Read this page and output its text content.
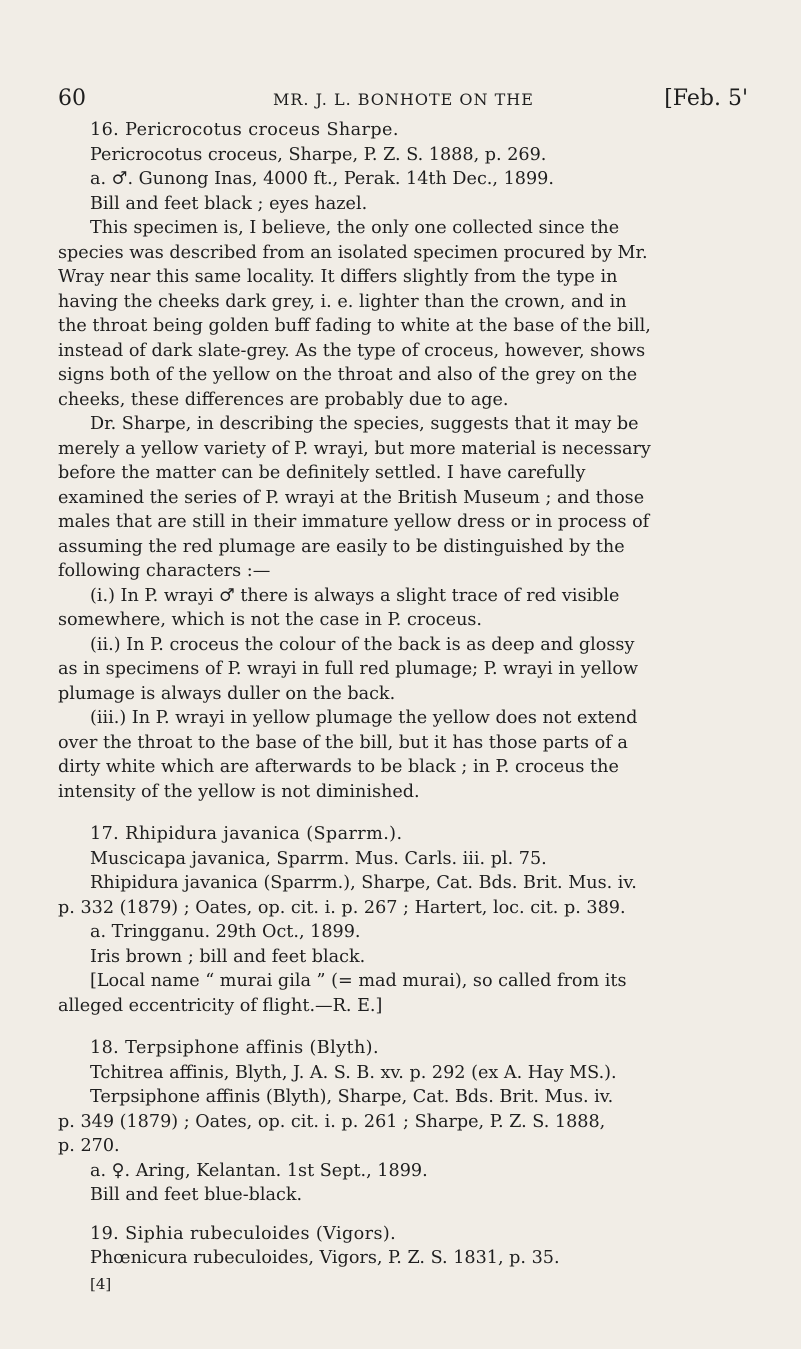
60	MR. J. L. BONHOTE ON THE	[Feb. 5'
16. Pericrocotus croceus Sharpe.
Pericrocotus croceus, Sharpe, P. Z. S. 1888, p. 269.
a. ♂. Gunong Inas, 4000 ft., Perak. 14th Dec., 1899.
Bill and feet black ; eyes hazel.
This specimen is, I believe, the only one collected since the
species was described from an isolated specimen procured by Mr.
Wray near this same locality. It differs slightly from the type in
having the cheeks dark grey, i. e. lighter than the crown, and in
the throat being golden buff fading to white at the base of the bill,
instead of dark slate-grey. As the type of croceus, however, shows
signs both of the yellow on the throat and also of the grey on the
cheeks, these differences are probably due to age.
Dr. Sharpe, in describing the species, suggests that it may be
merely a yellow variety of P. wrayi, but more material is necessary
before the matter can be definitely settled. I have carefully
examined the series of P. wrayi at the British Museum ; and those
males that are still in their immature yellow dress or in process of
assuming the red plumage are easily to be distinguished by the
following characters :—
(i.) In P. wrayi ♂ there is always a slight trace of red visible
somewhere, which is not the case in P. croceus.
(ii.) In P. croceus the colour of the back is as deep and glossy
as in specimens of P. wrayi in full red plumage; P. wrayi in yellow
plumage is always duller on the back.
(iii.) In P. wrayi in yellow plumage the yellow does not extend
over the throat to the base of the bill, but it has those parts of a
dirty white which are afterwards to be black ; in P. croceus the
intensity of the yellow is not diminished.
17. Rhipidura javanica (Sparrm.).
Muscicapa javanica, Sparrm. Mus. Carls. iii. pl. 75.
Rhipidura javanica (Sparrm.), Sharpe, Cat. Bds. Brit. Mus. iv.
p. 332 (1879) ; Oates, op. cit. i. p. 267 ; Hartert, loc. cit. p. 389.
a. Tringganu. 29th Oct., 1899.
Iris brown ; bill and feet black.
[Local name “ murai gila ” (= mad murai), so called from its
alleged eccentricity of flight.—R. E.]
18. Terpsiphone affinis (Blyth).
Tchitrea affinis, Blyth, J. A. S. B. xv. p. 292 (ex A. Hay MS.).
Terpsiphone affinis (Blyth), Sharpe, Cat. Bds. Brit. Mus. iv.
p. 349 (1879) ; Oates, op. cit. i. p. 261 ; Sharpe, P. Z. S. 1888,
p. 270.
a. ♀. Aring, Kelantan. 1st Sept., 1899.
Bill and feet blue-black.
19. Siphia rubeculoides (Vigors).
Phœnicura rubeculoides, Vigors, P. Z. S. 1831, p. 35.
[4]
